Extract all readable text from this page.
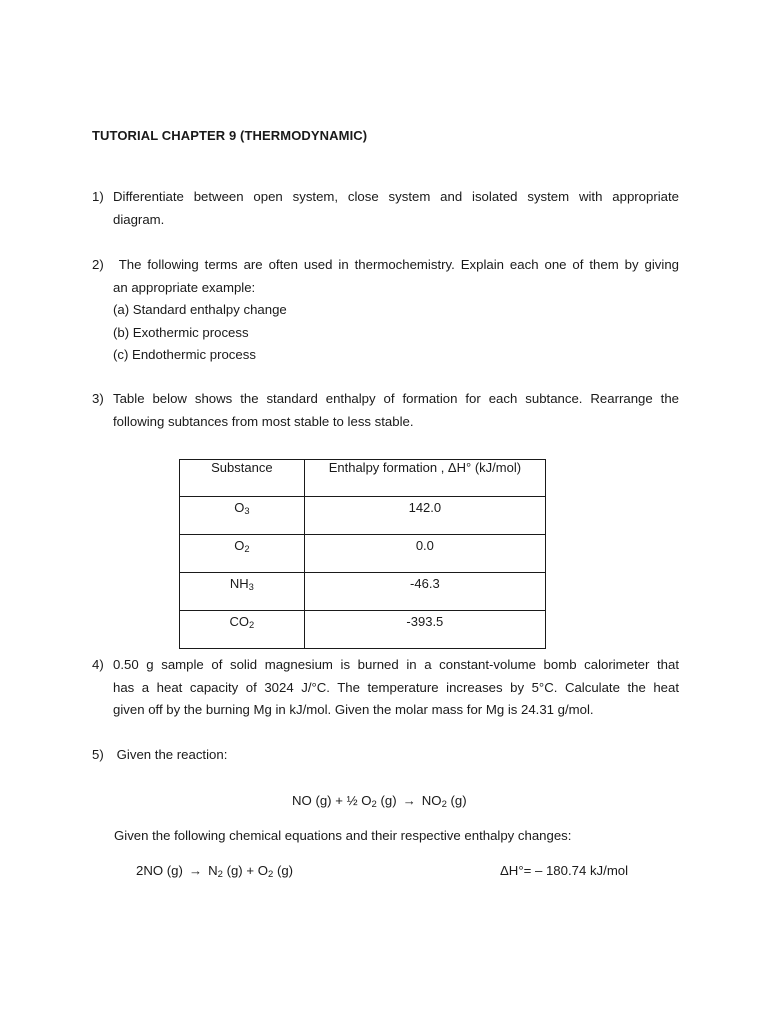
TUTORIAL CHAPTER 9 (THERMODYNAMIC)
1) Differentiate between open system, close system and isolated system with appropriate
diagram.
2) The following terms are often used in thermochemistry. Explain each one of them by giving
an appropriate example:
(a) Standard enthalpy change
(b) Exothermic process
(c) Endothermic process
3) Table below shows the standard enthalpy of formation for each subtance. Rearrange the
following subtances from most stable to less stable.
Substance	Enthalpy formation , ΔH° (kJ/mol)
$O_3$	142.0
$O_2$	0.0
$NH_3$	-46.3
$CO_2$	-393.5
4) 0.50 g sample of solid magnesium is burned in a constant-volume bomb calorimeter that
has a heat capacity of 3024 J/°C. The temperature increases by 5°C. Calculate the heat
given off by the burning Mg in kJ/mol. Given the molar mass for Mg is 24.31 g/mol.
5) Given the reaction:
NO (g) + ½ $O_2$ $(g) \to NO_2$ (g)
Given the following chemical equations and their respective enthalpy changes:
2NO $(g) \to N_2$ $(g) + O_2$ (g)	ΔH°= – 180.74 kJ/mol
